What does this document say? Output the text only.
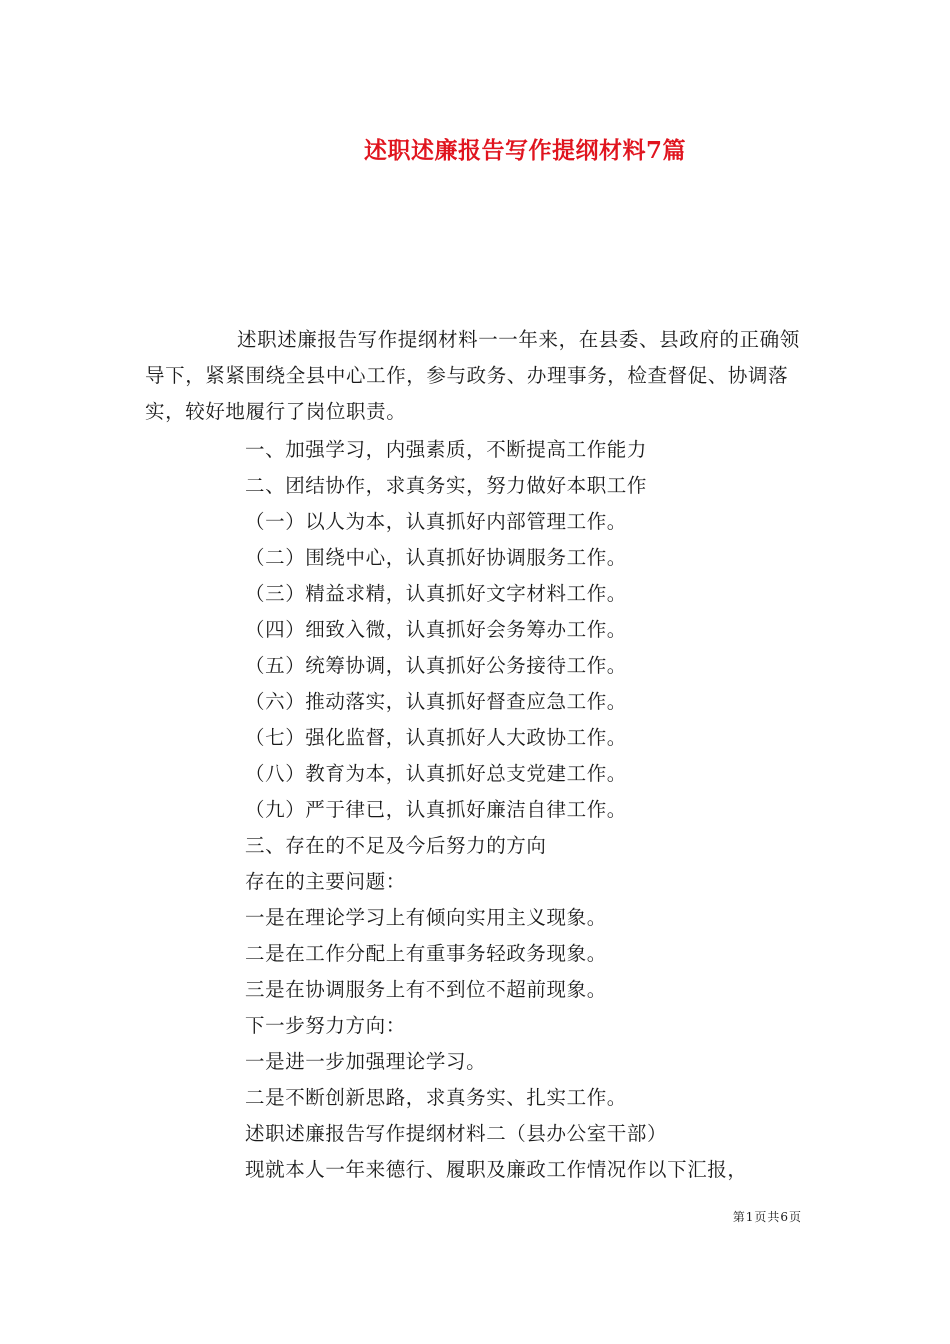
述职述廉报告写作提纲材料7篇
述职述廉报告写作提纲材料一一年来，在县委、县政府的正确领导下，紧紧围绕全县中心工作，参与政务、办理事务，检查督促、协调落实，较好地履行了岗位职责。
一、加强学习，内强素质，不断提高工作能力
二、团结协作，求真务实，努力做好本职工作
（一）以人为本，认真抓好内部管理工作。
（二）围绕中心，认真抓好协调服务工作。
（三）精益求精，认真抓好文字材料工作。
（四）细致入微，认真抓好会务筹办工作。
（五）统筹协调，认真抓好公务接待工作。
（六）推动落实，认真抓好督查应急工作。
（七）强化监督，认真抓好人大政协工作。
（八）教育为本，认真抓好总支党建工作。
（九）严于律已，认真抓好廉洁自律工作。
三、存在的不足及今后努力的方向
存在的主要问题：
一是在理论学习上有倾向实用主义现象。
二是在工作分配上有重事务轻政务现象。
三是在协调服务上有不到位不超前现象。
下一步努力方向：
一是进一步加强理论学习。
二是不断创新思路，求真务实、扎实工作。
述职述廉报告写作提纲材料二（县办公室干部）
现就本人一年来德行、履职及廉政工作情况作以下汇报，
第1页共6页
